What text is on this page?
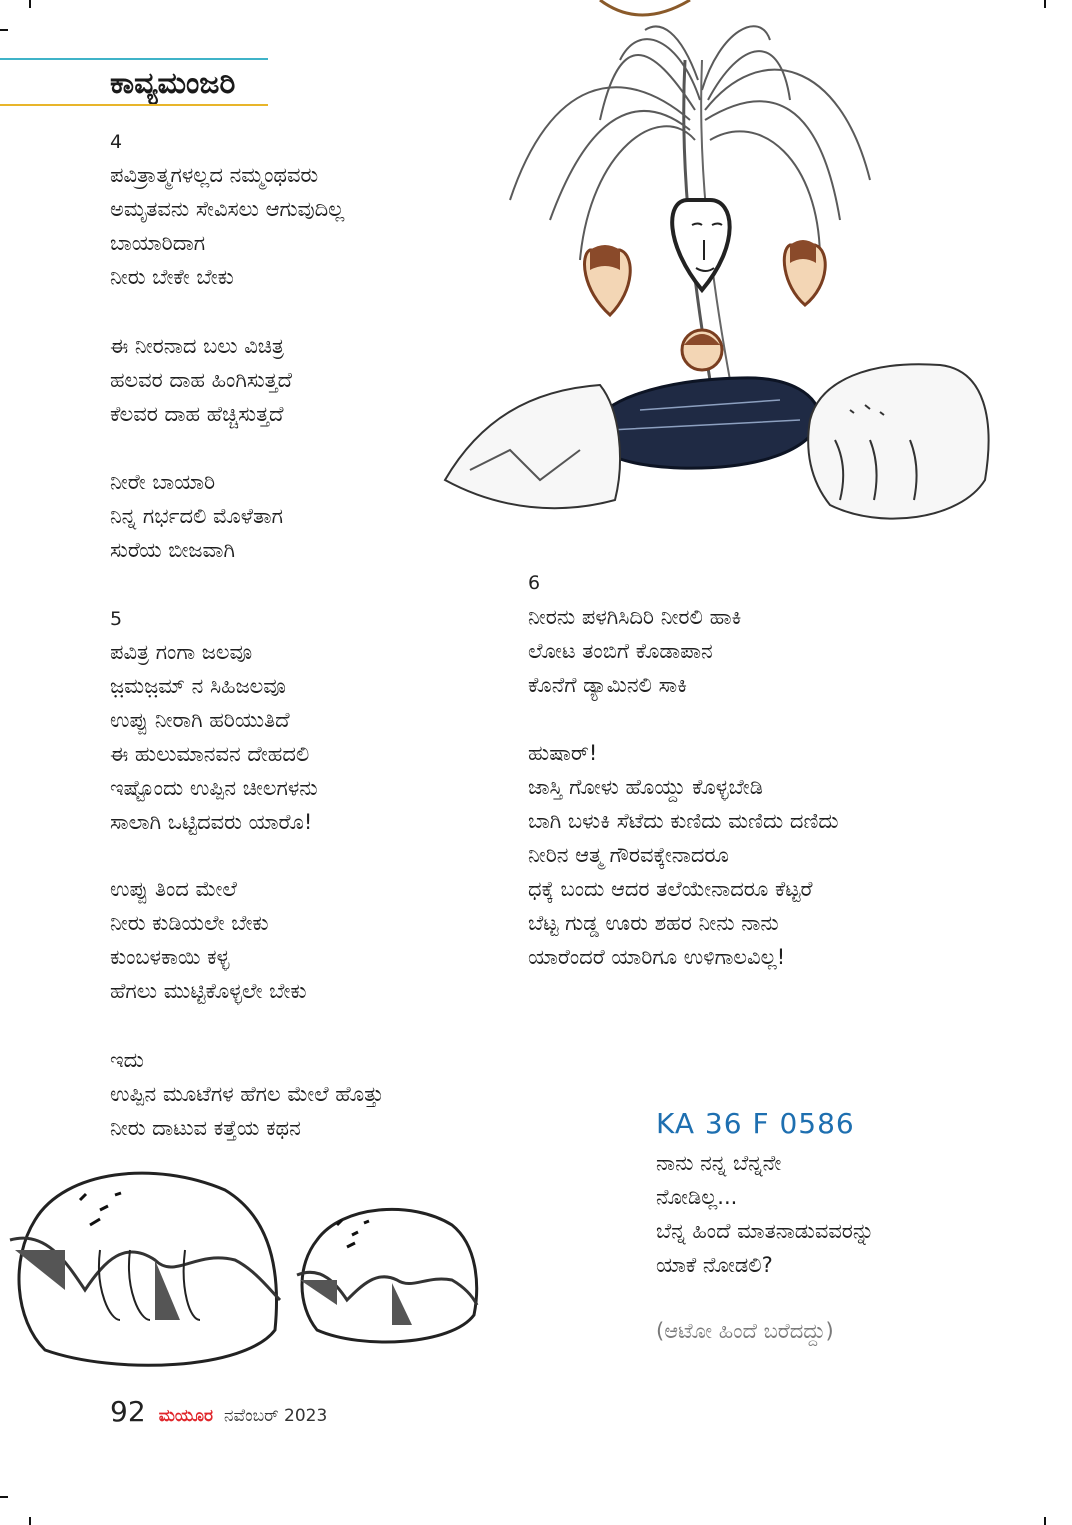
ಕಾವ್ಯಮಂಜರಿ
4
ಪವಿತ್ರಾತ್ಮಗಳಲ್ಲದ ನಮ್ಮಂಥವರು
ಅಮೃತವನು ಸೇವಿಸಲು ಆಗುವುದಿಲ್ಲ
ಬಾಯಾರಿದಾಗ
ನೀರು ಬೇಕೇ ಬೇಕು
ಈ ನೀರನಾದ ಬಲು ವಿಚಿತ್ರ
ಹಲವರ ದಾಹ ಹಿಂಗಿಸುತ್ತದೆ
ಕೆಲವರ ದಾಹ ಹೆಚ್ಚಿಸುತ್ತದೆ
ನೀರೇ ಬಾಯಾರಿ
ನಿನ್ನ ಗರ್ಭದಲಿ ಮೊಳೆತಾಗ
ಸುರೆಯ ಬೀಜವಾಗಿ
5
ಪವಿತ್ರ ಗಂಗಾ ಜಲವೂ
ಜ಼ಮಜ಼ಮ್ ನ ಸಿಹಿಜಲವೂ
ಉಪ್ಪು ನೀರಾಗಿ ಹರಿಯುತಿದೆ
ಈ ಹುಲುಮಾನವನ ದೇಹದಲಿ
ಇಷ್ಟೊಂದು ಉಪ್ಪಿನ ಚೀಲಗಳನು
ಸಾಲಾಗಿ ಒಟ್ಟಿದವರು ಯಾರೊ!
ಉಪ್ಪು ತಿಂದ ಮೇಲೆ
ನೀರು ಕುಡಿಯಲೇ ಬೇಕು
ಕುಂಬಳಕಾಯಿ ಕಳ್ಳ
ಹೆಗಲು ಮುಟ್ಟಿಕೊಳ್ಳಲೇ ಬೇಕು
ಇದು
ಉಪ್ಪಿನ ಮೂಟೆಗಳ ಹೆಗಲ ಮೇಲೆ ಹೊತ್ತು
ನೀರು ದಾಟುವ ಕತ್ತೆಯ ಕಥನ
6
ನೀರನು ಪಳಗಿಸಿದಿರಿ ನೀರಲಿ ಹಾಕಿ
ಲೋಟ ತಂಬಿಗೆ ಕೊಡಾಪಾನ
ಕೊನೆಗೆ ಡ್ಯಾಮಿನಲಿ ಸಾಕಿ
ಹುಷಾರ್!
ಜಾಸ್ತಿ ಗೋಳು ಹೊಯ್ದು ಕೊಳ್ಳಬೇಡಿ
ಬಾಗಿ ಬಳುಕಿ ಸೆಟೆದು ಕುಣಿದು ಮಣಿದು ದಣಿದು
ನೀರಿನ ಆತ್ಮ ಗೌರವಕ್ಕೇನಾದರೂ
ಧಕ್ಕೆ ಬಂದು ಆದರ ತಲೆಯೇನಾದರೂ ಕೆಟ್ಟರೆ
ಬೆಟ್ಟ ಗುಡ್ಡ ಊರು ಶಹರ ನೀನು ನಾನು
ಯಾರೆಂದರೆ ಯಾರಿಗೂ ಉಳಿಗಾಲವಿಲ್ಲ!
KA 36 F 0586
ನಾನು ನನ್ನ ಬೆನ್ನನೇ
ನೋಡಿಲ್ಲ...
ಬೆನ್ನ ಹಿಂದೆ ಮಾತನಾಡುವವರನ್ನು
ಯಾಕೆ ನೋಡಲಿ?
(ಆಟೋ ಹಿಂದೆ ಬರೆದದ್ದು)
92 ಮಯೂರ ನವೆಂಬರ್ 2023
